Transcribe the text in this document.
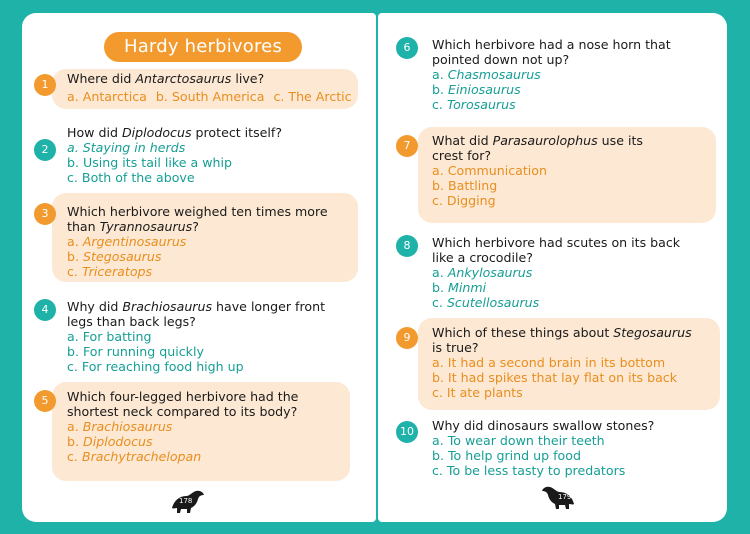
Hardy herbivores
1	Where did Antarctosaurus live?

a. Antarctica b. South America c. The Arctic
2

How did Diplodocus protect itself?

a. Staying in herds
b. Using its tail like a whip
c. Both of the above
3	Which herbivore weighed ten times more

than Tyrannosaurus?

a. Argentinosaurus
b. Stegosaurus
c. Triceratops
4	Why did Brachiosaurus have longer front

legs than back legs?

a. For batting
b. For running quickly
c. For reaching food high up
5	Which four-legged herbivore had the

shortest neck compared to its body?

a. Brachiosaurus
b. Diplodocus
c. Brachytrachelopan
178
6	Which herbivore had a nose horn that

pointed down not up?

a. Chasmosaurus
b. Einiosaurus
c. Torosaurus
7	What did Parasaurolophus use its

crest for?

a. Communication
b. Battling
c. Digging
8	Which herbivore had scutes on its back

like a crocodile?

a. Ankylosaurus
b. Minmi
c. Scutellosaurus
9	Which of these things about Stegosaurus

is true?

a. It had a second brain in its bottom
b. It had spikes that lay flat on its back
c. It ate plants
10	Why did dinosaurs swallow stones?

a. To wear down their teeth
b. To help grind up food
c. To be less tasty to predators
179
